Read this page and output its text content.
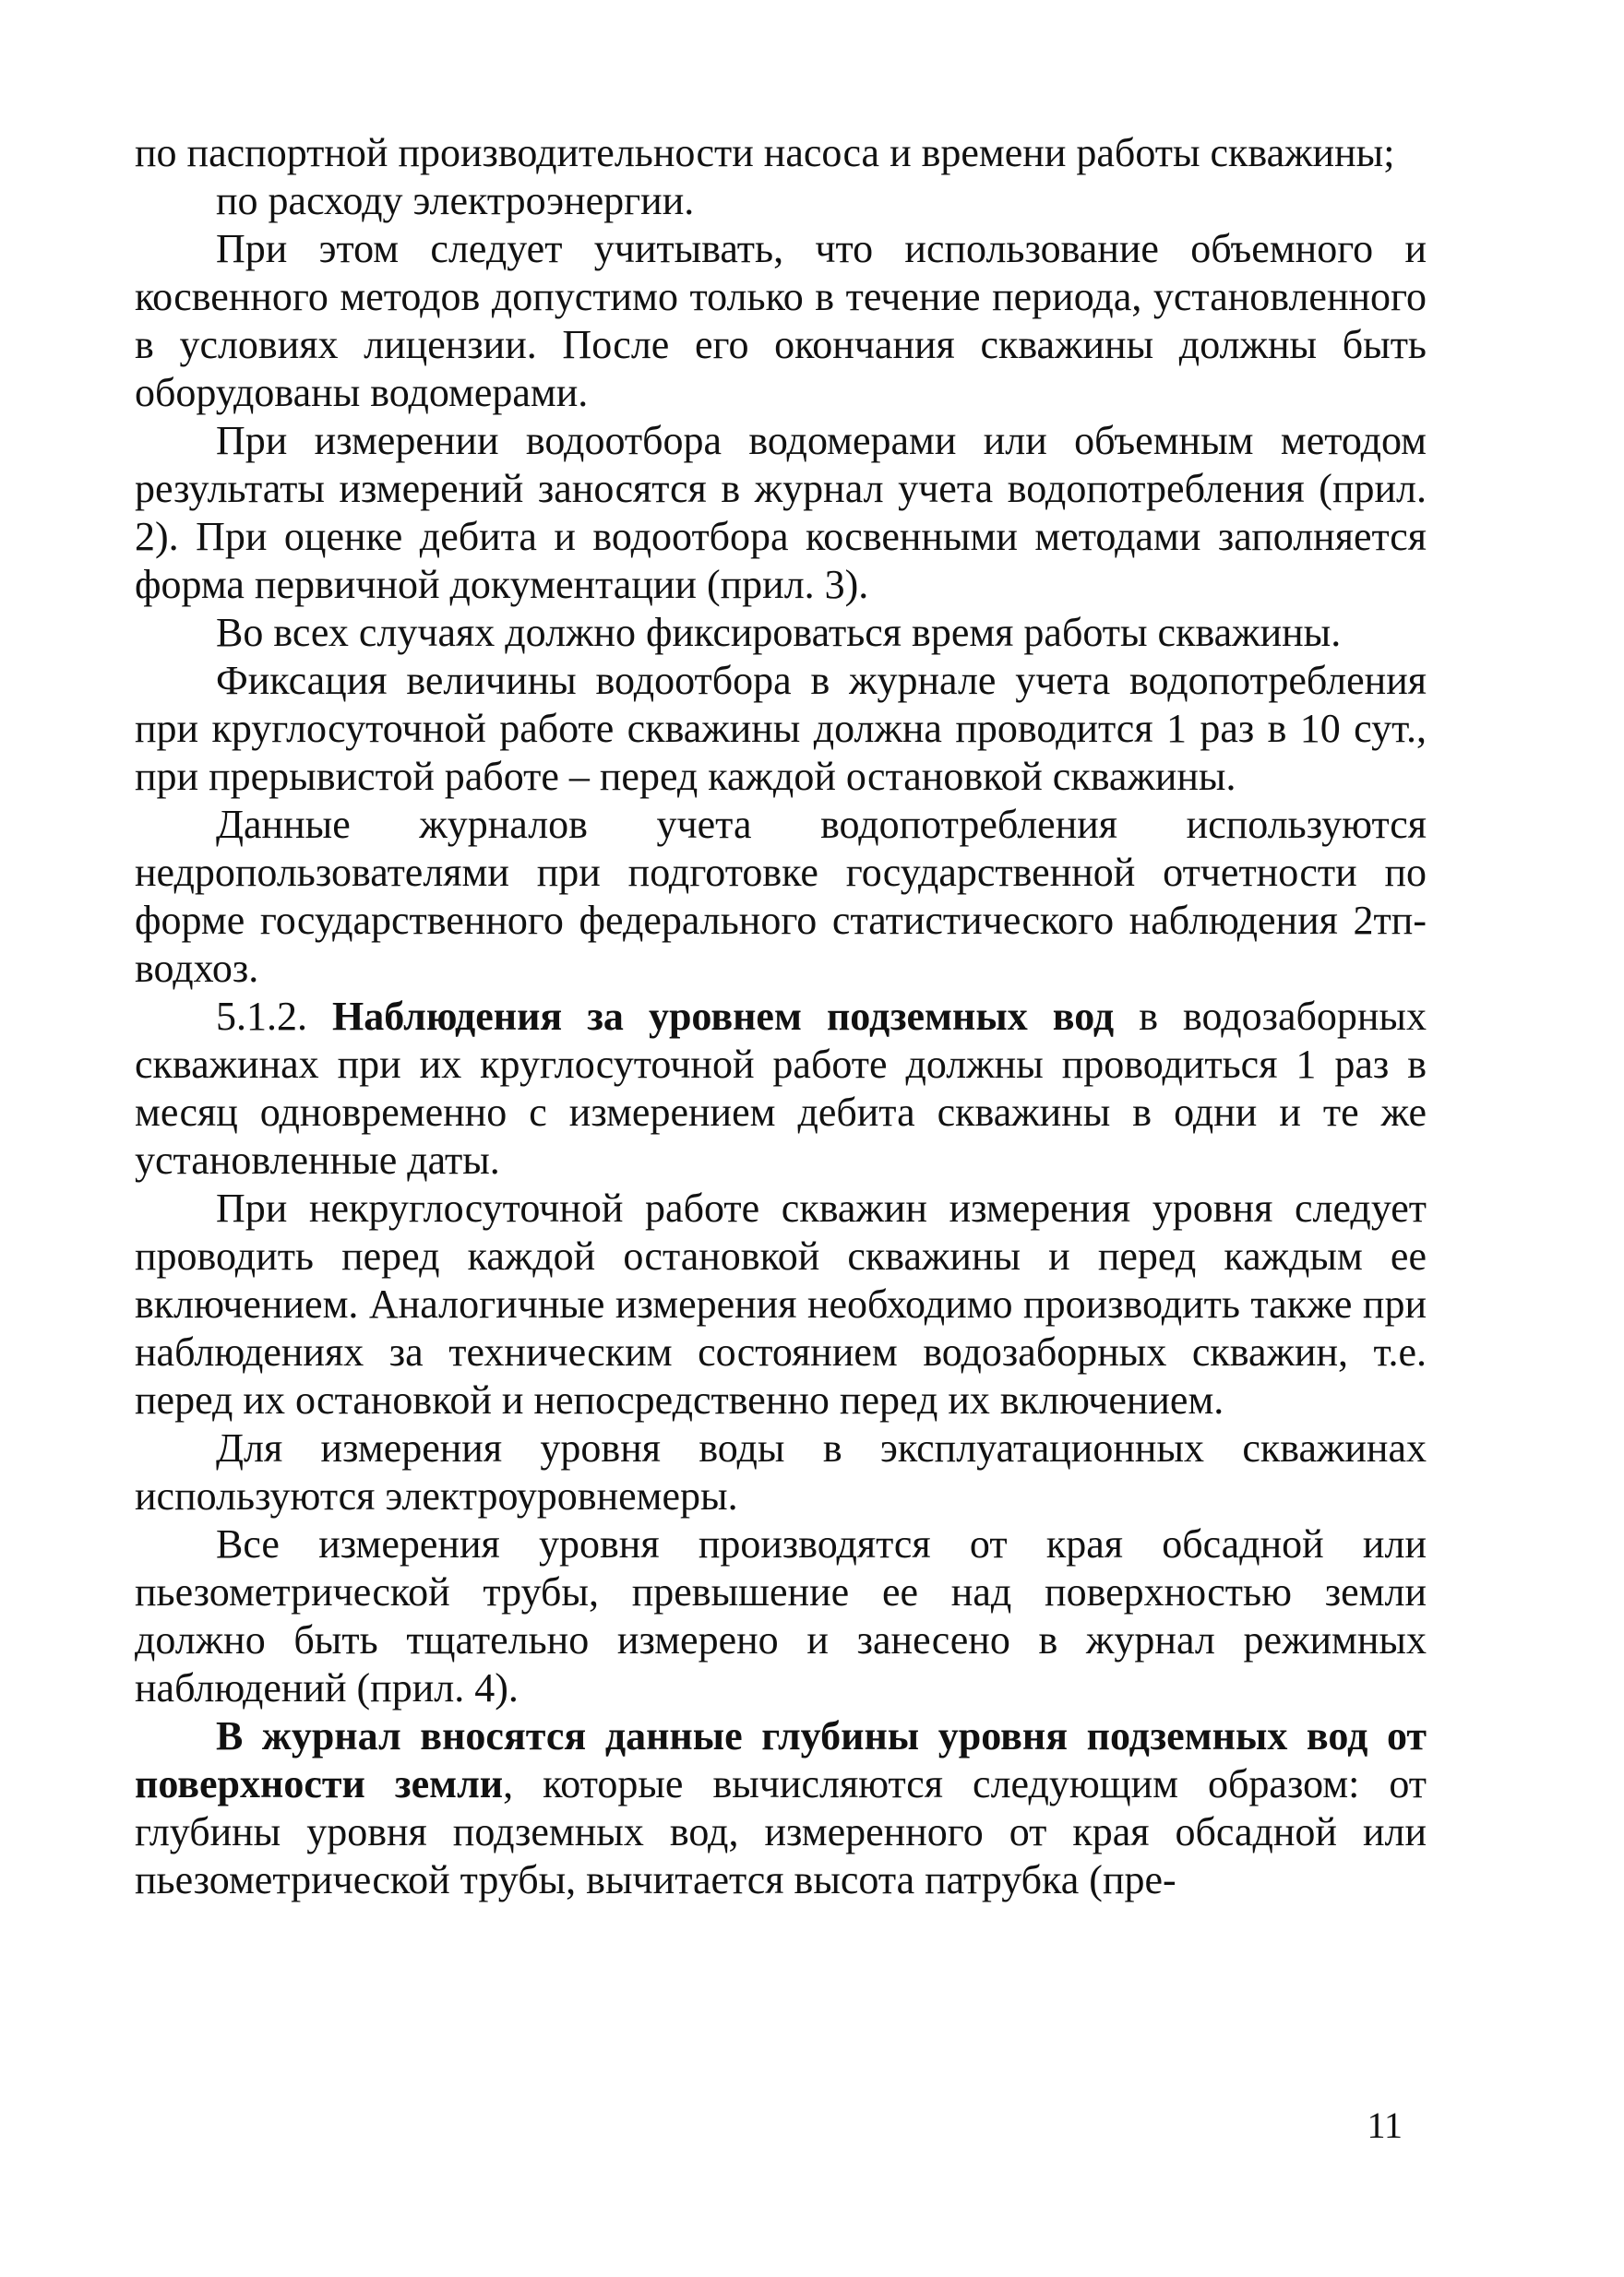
по паспортной производительности насоса и времени работы скважины;

по расходу электроэнергии.

При этом следует учитывать, что использование объемного и косвенного методов допустимо только в течение периода, установленного в условиях лицензии. После его окончания скважины должны быть оборудованы водомерами.

При измерении водоотбора водомерами или объемным методом результаты измерений заносятся в журнал учета водопотребления (прил. 2). При оценке дебита и водоотбора косвенными методами заполняется форма первичной документации (прил. 3).

Во всех случаях должно фиксироваться время работы скважины.

Фиксация величины водоотбора в журнале учета водопотребления при круглосуточной работе скважины должна проводится 1 раз в 10 сут., при прерывистой работе – перед каждой остановкой скважины.

Данные журналов учета водопотребления используются недропользователями при подготовке государственной отчетности по форме государственного федерального статистического наблюдения 2тп-водхоз.

5.1.2. Наблюдения за уровнем подземных вод в водозаборных скважинах при их круглосуточной работе должны проводиться 1 раз в месяц одновременно с измерением дебита скважины в одни и те же установленные даты.

При некруглосуточной работе скважин измерения уровня следует проводить перед каждой остановкой скважины и перед каждым ее включением. Аналогичные измерения необходимо производить также при наблюдениях за техническим состоянием водозаборных скважин, т.е. перед их остановкой и непосредственно перед их включением.

Для измерения уровня воды в эксплуатационных скважинах используются электроуровнемеры.

Все измерения уровня производятся от края обсадной или пьезометрической трубы, превышение ее над поверхностью земли должно быть тщательно измерено и занесено в журнал режимных наблюдений (прил. 4).

В журнал вносятся данные глубины уровня подземных вод от поверхности земли, которые вычисляются следующим образом: от глубины уровня подземных вод, измеренного от края обсадной или пьезометрической трубы, вычитается высота патрубка (пре-

11
